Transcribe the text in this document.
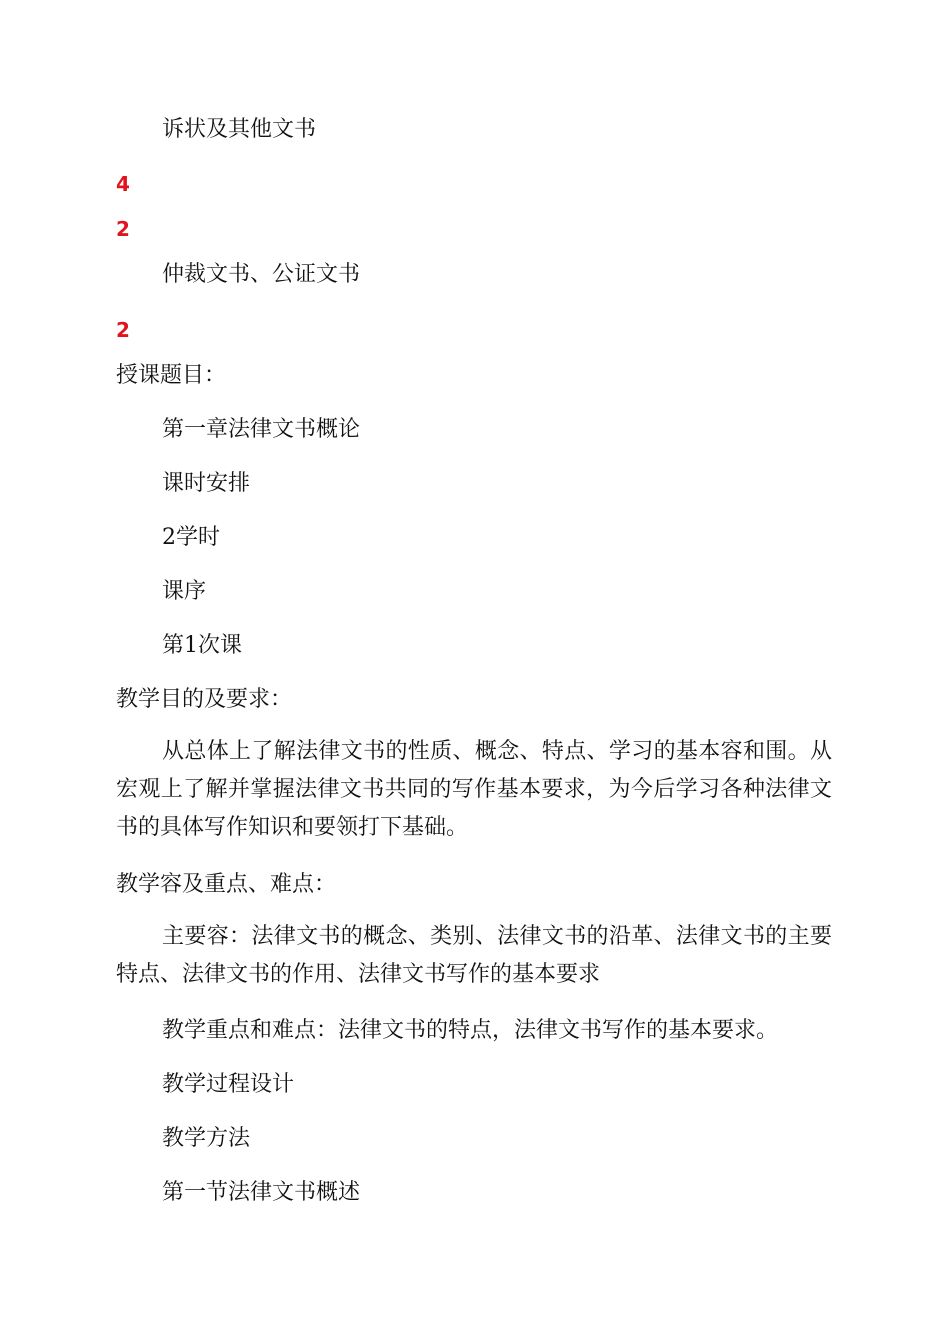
诉状及其他文书

4

2

仲裁文书、公证文书

2

授课题目：

第一章法律文书概论

课时安排

2学时

课序

第1次课

教学目的及要求：

从总体上了解法律文书的性质、概念、特点、学习的基本容和围。从宏观上了解并掌握法律文书共同的写作基本要求，为今后学习各种法律文书的具体写作知识和要领打下基础。

教学容及重点、难点：

主要容：法律文书的概念、类别、法律文书的沿革、法律文书的主要特点、法律文书的作用、法律文书写作的基本要求

教学重点和难点：法律文书的特点，法律文书写作的基本要求。

教学过程设计

教学方法

第一节法律文书概述
